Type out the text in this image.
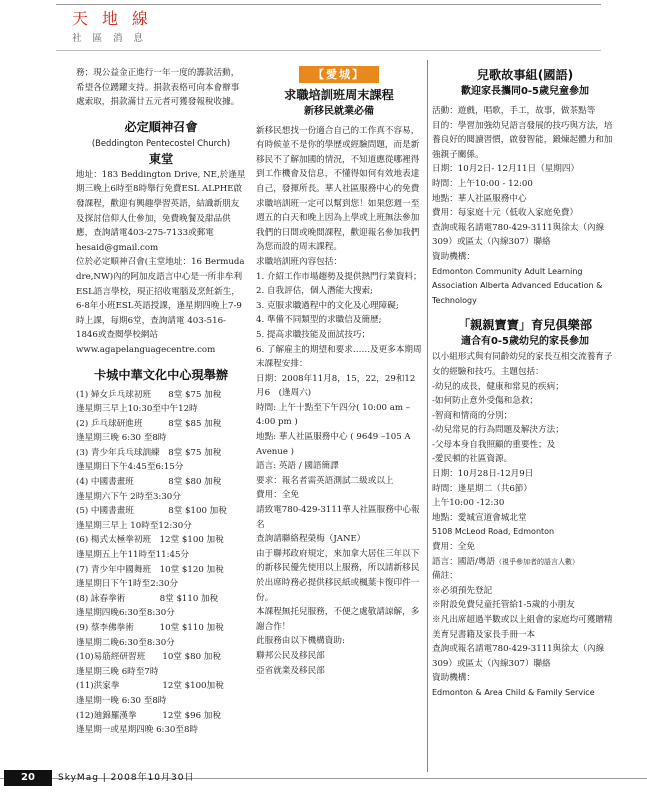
天地線
社區消息

務；現公益金正進行一年一度的籌款活動，希望各位踴躍支持。捐款表格可向本會辦事處索取，捐款滿廿五元者可獲發報稅收據。

必定順神召會
(Beddington Pentecostel Church)
東堂

地址：183 Beddington Drive, NE,於逢星期三晚上6時至8時舉行免費ESL ALPHE啟發課程，歡迎有興趣學習英語，結識新朋友及探討信仰人仕參加，免費晚餐及甜品供應，查詢請電403-275-7133或郵電hesaid@gmail.com

位於必定順神召會(主堂地址：16 Bermuda dre,NW)內的阿加皮語言中心是一所非牟利ESL語言學校，現正招收電腦及烹飪新生，6-8年小班ESL英語授課，逢星期四晚上7-9時上課，每期6堂，查詢請電 403-516-1846或查閱學校網站 www.agapelanguagecentre.com

卡城中華文化中心現舉辦

(1) 婦女乒乓球初班　　8堂 $75 加稅

逢星期三早上10:30至中午12時

(2) 乒乓球研進班　　　8堂 $85 加稅

逢星期三晚 6:30 至8時

(3) 青少年兵乓球訓練　8堂 $75 加稅

逢星期日下午4:45至6:15分

(4) 中國書畫班　　　　8堂 $80 加稅

逢星期六下午 2時至3:30分

(5) 中國書畫班　　　　8堂 $100 加稅

逢星期三早上 10時至12:30分

(6) 楊式太極拳初班　12堂 $100 加稅

逢星期五上午11時至11:45分

(7) 青少年中國舞班　10堂 $120 加稅

逢星期日下午1時至2:30分

(8) 詠春拳術　　　　8堂 $110 加稅

逢星期四晚6:30至8:30分

(9) 蔡李佛拳術　　　10堂 $110 加稅

逢星期二晚6:30至8:30分

(10)易筋經研習班　　10堂 $80 加稅

逢星期三晚 6時至7時

(11)洪家拳　　　　　12堂 $100加稅

逢星期一晚 6:30 至8時

(12)廸錦羅漢拳　　　12堂 $96 加稅

逢星期一或星期四晚 6:30至8時

【愛城】
求職培訓班周末課程
新移民就業必備

新移民想找一份適合自己的工作真不容易，有時候並不是你的學歷或經驗問題，而是新移民不了解加國的情況，不知道應從哪裡得到工作機會及信息，不懂得如何有效地表達自己，發揮所長。華人社區服務中心的免費求職培訓班一定可以幫到您！如果您週一至週五的白天和晚上因為上學或上班無法參加我們的日間或晚間課程，歡迎報名參加我們為您而設的周末課程。

求職培訓班內容包括：

1. 介紹工作市場趨勢及提供熱門行業資料；

2. 自我評估，個人潛能大搜索;

3. 克服求職過程中的文化及心理障礙;

4. 準備不同類型的求職信及簡歷;

5. 提高求職技能及面試技巧；

6. 了解雇主的期望和要求……及更多本期周末課程安排：

日期：2008年11月8，15，22，29和12月6　(逢周六)

時間: 上午十點至下午四分( 10:00 am – 4:00 pm )

地點: 華人社區服務中心 ( 9649 –105 A Avenue )

語言: 英語 / 國語簡譯

要求：報名者需英語測試二級或以上

費用：全免

請致電780-429-3111華人社區服務中心報名

查詢請聯絡程榮梅（JANE）

由于聯邦政府規定，來加拿大居住三年以下的新移民優先使用以上服務，所以請新移民於出席時務必提供移民紙或楓葉卡復印件一份。

本課程無托兒服務，不便之處敬請諒解，多謝合作！

此服務由以下機構資助:

聯邦公民及移民部

亞省就業及移民部

兒歌故事組(國語)
歡迎家長攜同0-5歲兒童參加

活動：遊戲，唱歌，手工，故事，做茶點等

目的：學習加強幼兒語言發展的技巧與方法，培養良好的閱讀習慣，啟發智能，鍛煉起體力和加強親子關係。

日期：10月2日- 12月11日（星期四）

時間：上午10:00 - 12:00

地點：華人社區服務中心

費用：每家庭十元（低收入家庭免費）

查詢或報名請電780-429-3111與徐太（內線309）或區太（內線307）聯絡

資助機構：

Edmonton Community Adult Learning Association Alberta Advanced Education & Technology

「親親寶寶」育兒俱樂部
適合有0-5歲幼兒的家長參加

以小組形式與有同齡幼兒的家長互相交流養育子女的經驗和技巧。主題包括：

-幼兒的成長，健康和常見的疾病；

-如何防止意外受傷和急救；

-智商和情商的分別；

-幼兒常見的行為問題及解決方法；

-父母本身自我照顧的重要性；及

-愛民頓的社區資源。

日期：10月28日-12月9日

時間：逢星期二（共6節）

上午10:00 -12:30

地點：愛城宣道會城北堂

5108 McLeod Road, Edmonton

費用：全免

語言：國語/粵語（視乎參加者的語言人數）

備註：

※必須預先登記

※附設免費兒童托管給1-5歲的小朋友

※凡出席超過半數或以上組會的家庭均可獲贈精

美育兒書籍及家長手冊一本

查詢或報名請電780-429-3111與徐太（內線309）或區太（內線307）聯絡

資助機構：

Edmonton & Area Child & Family Service

20	SkyMag | 2008年10月30日
